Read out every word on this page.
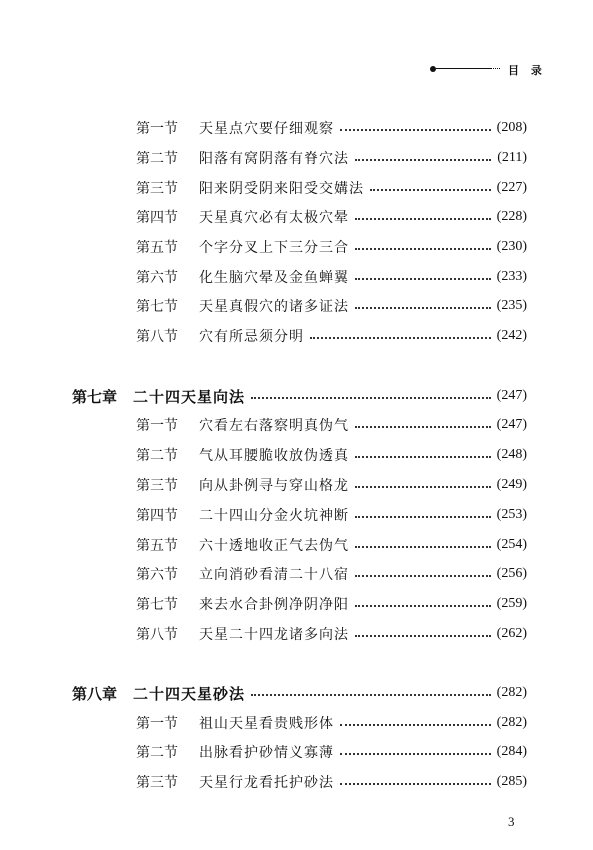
目 录
第一节	天星点穴要仔细观察	(208)
第二节	阳落有窝阴落有脊穴法	(211)
第三节	阳来阴受阴来阳受交媾法	(227)
第四节	天星真穴必有太极穴晕	(228)
第五节	个字分叉上下三分三合	(230)
第六节	化生脑穴晕及金鱼蝉翼	(233)
第七节	天星真假穴的诸多证法	(235)
第八节	穴有所忌须分明	(242)
第七章	二十四天星向法	(247)
第一节	穴看左右落察明真伪气	(247)
第二节	气从耳腰脆收放伪透真	(248)
第三节	向从卦例寻与穿山格龙	(249)
第四节	二十四山分金火坑神断	(253)
第五节	六十透地收正气去伪气	(254)
第六节	立向消砂看清二十八宿	(256)
第七节	来去水合卦例净阴净阳	(259)
第八节	天星二十四龙诸多向法	(262)
第八章	二十四天星砂法	(282)
第一节	祖山天星看贵贱形体	(282)
第二节	出脉看护砂情义寡薄	(284)
第三节	天星行龙看托护砂法	(285)
3
